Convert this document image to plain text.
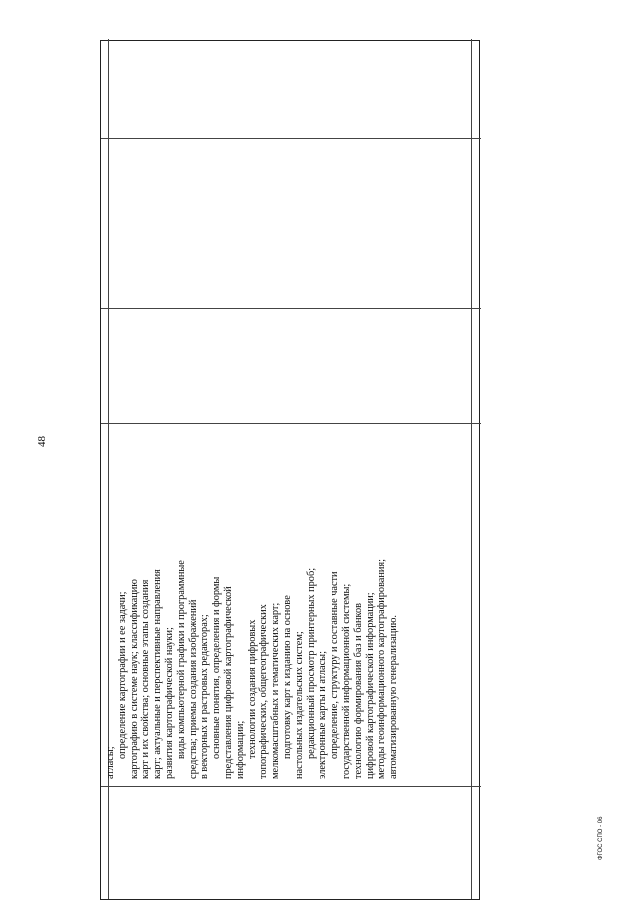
48
атласы;
определение картографии и ее задачи; картографию в системе наук; классификацию карт и их свойства; основные этапы создания карт; актуальные и перспективные направления развития картографической науки; виды компьютерной графики и программные средства; приемы создания изображений в векторных и растровых редакторах; основные понятия, определения и формы представления цифровой картографической информации; технологии создания цифровых топографических, общегеографических мелкомасштабных и тематических карт; подготовку карт к изданию на основе настольных издательских систем; редакционный просмотр принтерных проб; электронные карты и атласы; определение, структуру и составные части государственной информационной системы; технологию формирования баз и банков цифровой картографической информации; методы геоинформационного картографирования; автоматизированную генерализацию.
ФГОС СПО - 06
